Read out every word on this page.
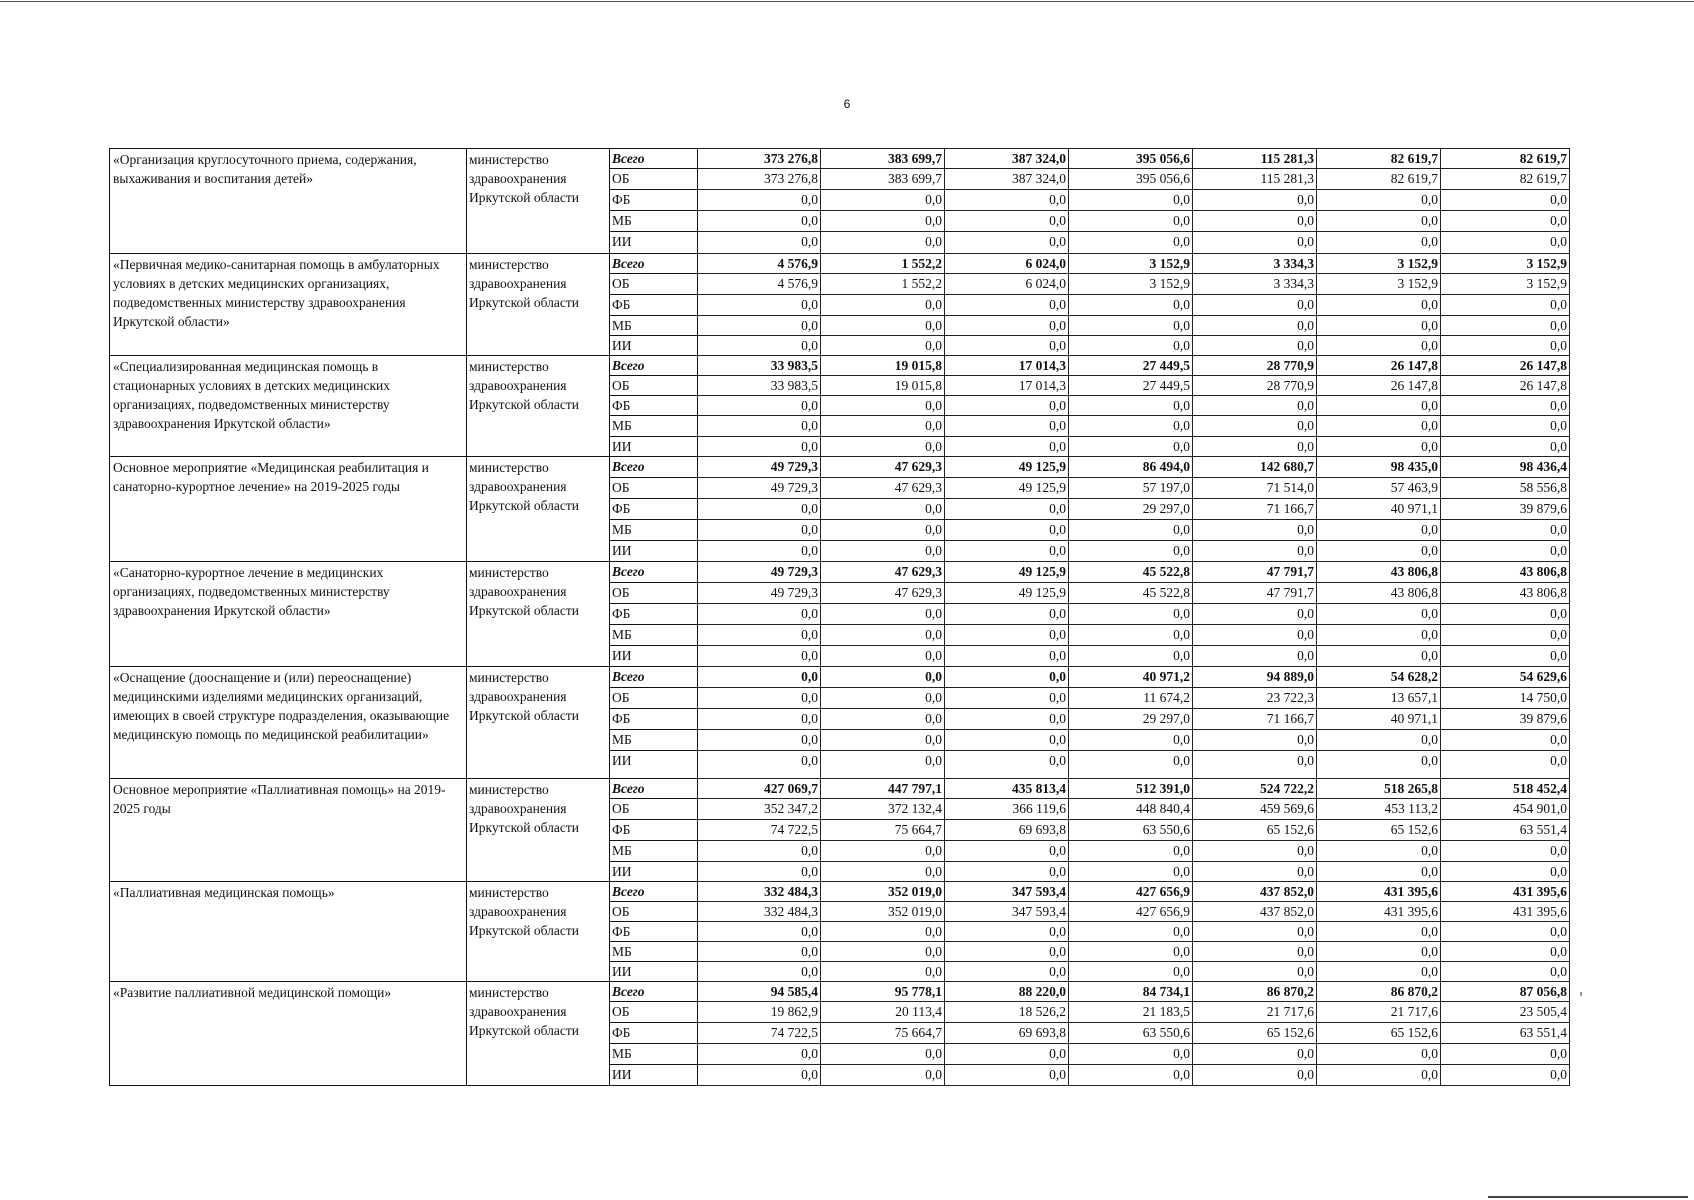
6
«Организация круглосуточного приема, содержания, выхаживания и воспитания детей»	министерство здравоохранения Иркутской области	Всего	373 276,8	383 699,7	387 324,0	395 056,6	115 281,3	82 619,7	82 619,7
		ОБ	373 276,8	383 699,7	387 324,0	395 056,6	115 281,3	82 619,7	82 619,7
		ФБ	0,0	0,0	0,0	0,0	0,0	0,0	0,0
		МБ	0,0	0,0	0,0	0,0	0,0	0,0	0,0
		ИИ	0,0	0,0	0,0	0,0	0,0	0,0	0,0
«Первичная медико-санитарная помощь в амбулаторных условиях в детских медицинских организациях, подведомственных министерству здравоохранения Иркутской области»	министерство здравоохранения Иркутской области	Всего	4 576,9	1 552,2	6 024,0	3 152,9	3 334,3	3 152,9	3 152,9
		ОБ	4 576,9	1 552,2	6 024,0	3 152,9	3 334,3	3 152,9	3 152,9
		ФБ	0,0	0,0	0,0	0,0	0,0	0,0	0,0
		МБ	0,0	0,0	0,0	0,0	0,0	0,0	0,0
		ИИ	0,0	0,0	0,0	0,0	0,0	0,0	0,0
«Специализированная медицинская помощь в стационарных условиях в детских медицинских организациях, подведомственных министерству здравоохранения Иркутской области»	министерство здравоохранения Иркутской области	Всего	33 983,5	19 015,8	17 014,3	27 449,5	28 770,9	26 147,8	26 147,8
		ОБ	33 983,5	19 015,8	17 014,3	27 449,5	28 770,9	26 147,8	26 147,8
		ФБ	0,0	0,0	0,0	0,0	0,0	0,0	0,0
		МБ	0,0	0,0	0,0	0,0	0,0	0,0	0,0
		ИИ	0,0	0,0	0,0	0,0	0,0	0,0	0,0
Основное мероприятие «Медицинская реабилитация и санаторно-курортное лечение» на 2019-2025 годы	министерство здравоохранения Иркутской области	Всего	49 729,3	47 629,3	49 125,9	86 494,0	142 680,7	98 435,0	98 436,4
		ОБ	49 729,3	47 629,3	49 125,9	57 197,0	71 514,0	57 463,9	58 556,8
		ФБ	0,0	0,0	0,0	29 297,0	71 166,7	40 971,1	39 879,6
		МБ	0,0	0,0	0,0	0,0	0,0	0,0	0,0
		ИИ	0,0	0,0	0,0	0,0	0,0	0,0	0,0
«Санаторно-курортное лечение в медицинских организациях, подведомственных министерству здравоохранения Иркутской области»	министерство здравоохранения Иркутской области	Всего	49 729,3	47 629,3	49 125,9	45 522,8	47 791,7	43 806,8	43 806,8
		ОБ	49 729,3	47 629,3	49 125,9	45 522,8	47 791,7	43 806,8	43 806,8
		ФБ	0,0	0,0	0,0	0,0	0,0	0,0	0,0
		МБ	0,0	0,0	0,0	0,0	0,0	0,0	0,0
		ИИ	0,0	0,0	0,0	0,0	0,0	0,0	0,0
«Оснащение (дооснащение и (или) переоснащение) медицинскими изделиями медицинских организаций, имеющих в своей структуре подразделения, оказывающие медицинскую помощь по медицинской реабилитации»	министерство здравоохранения Иркутской области	Всего	0,0	0,0	0,0	40 971,2	94 889,0	54 628,2	54 629,6
		ОБ	0,0	0,0	0,0	11 674,2	23 722,3	13 657,1	14 750,0
		ФБ	0,0	0,0	0,0	29 297,0	71 166,7	40 971,1	39 879,6
		МБ	0,0	0,0	0,0	0,0	0,0	0,0	0,0
		ИИ	0,0	0,0	0,0	0,0	0,0	0,0	0,0
Основное мероприятие «Паллиативная помощь» на 2019-2025 годы	министерство здравоохранения Иркутской области	Всего	427 069,7	447 797,1	435 813,4	512 391,0	524 722,2	518 265,8	518 452,4
		ОБ	352 347,2	372 132,4	366 119,6	448 840,4	459 569,6	453 113,2	454 901,0
		ФБ	74 722,5	75 664,7	69 693,8	63 550,6	65 152,6	65 152,6	63 551,4
		МБ	0,0	0,0	0,0	0,0	0,0	0,0	0,0
		ИИ	0,0	0,0	0,0	0,0	0,0	0,0	0,0
«Паллиативная медицинская помощь»	министерство здравоохранения Иркутской области	Всего	332 484,3	352 019,0	347 593,4	427 656,9	437 852,0	431 395,6	431 395,6
		ОБ	332 484,3	352 019,0	347 593,4	427 656,9	437 852,0	431 395,6	431 395,6
		ФБ	0,0	0,0	0,0	0,0	0,0	0,0	0,0
		МБ	0,0	0,0	0,0	0,0	0,0	0,0	0,0
		ИИ	0,0	0,0	0,0	0,0	0,0	0,0	0,0
«Развитие паллиативной медицинской помощи»	министерство здравоохранения Иркутской области	Всего	94 585,4	95 778,1	88 220,0	84 734,1	86 870,2	86 870,2	87 056,8
		ОБ	19 862,9	20 113,4	18 526,2	21 183,5	21 717,6	21 717,6	23 505,4
		ФБ	74 722,5	75 664,7	69 693,8	63 550,6	65 152,6	65 152,6	63 551,4
		МБ	0,0	0,0	0,0	0,0	0,0	0,0	0,0
		ИИ	0,0	0,0	0,0	0,0	0,0	0,0	0,0
